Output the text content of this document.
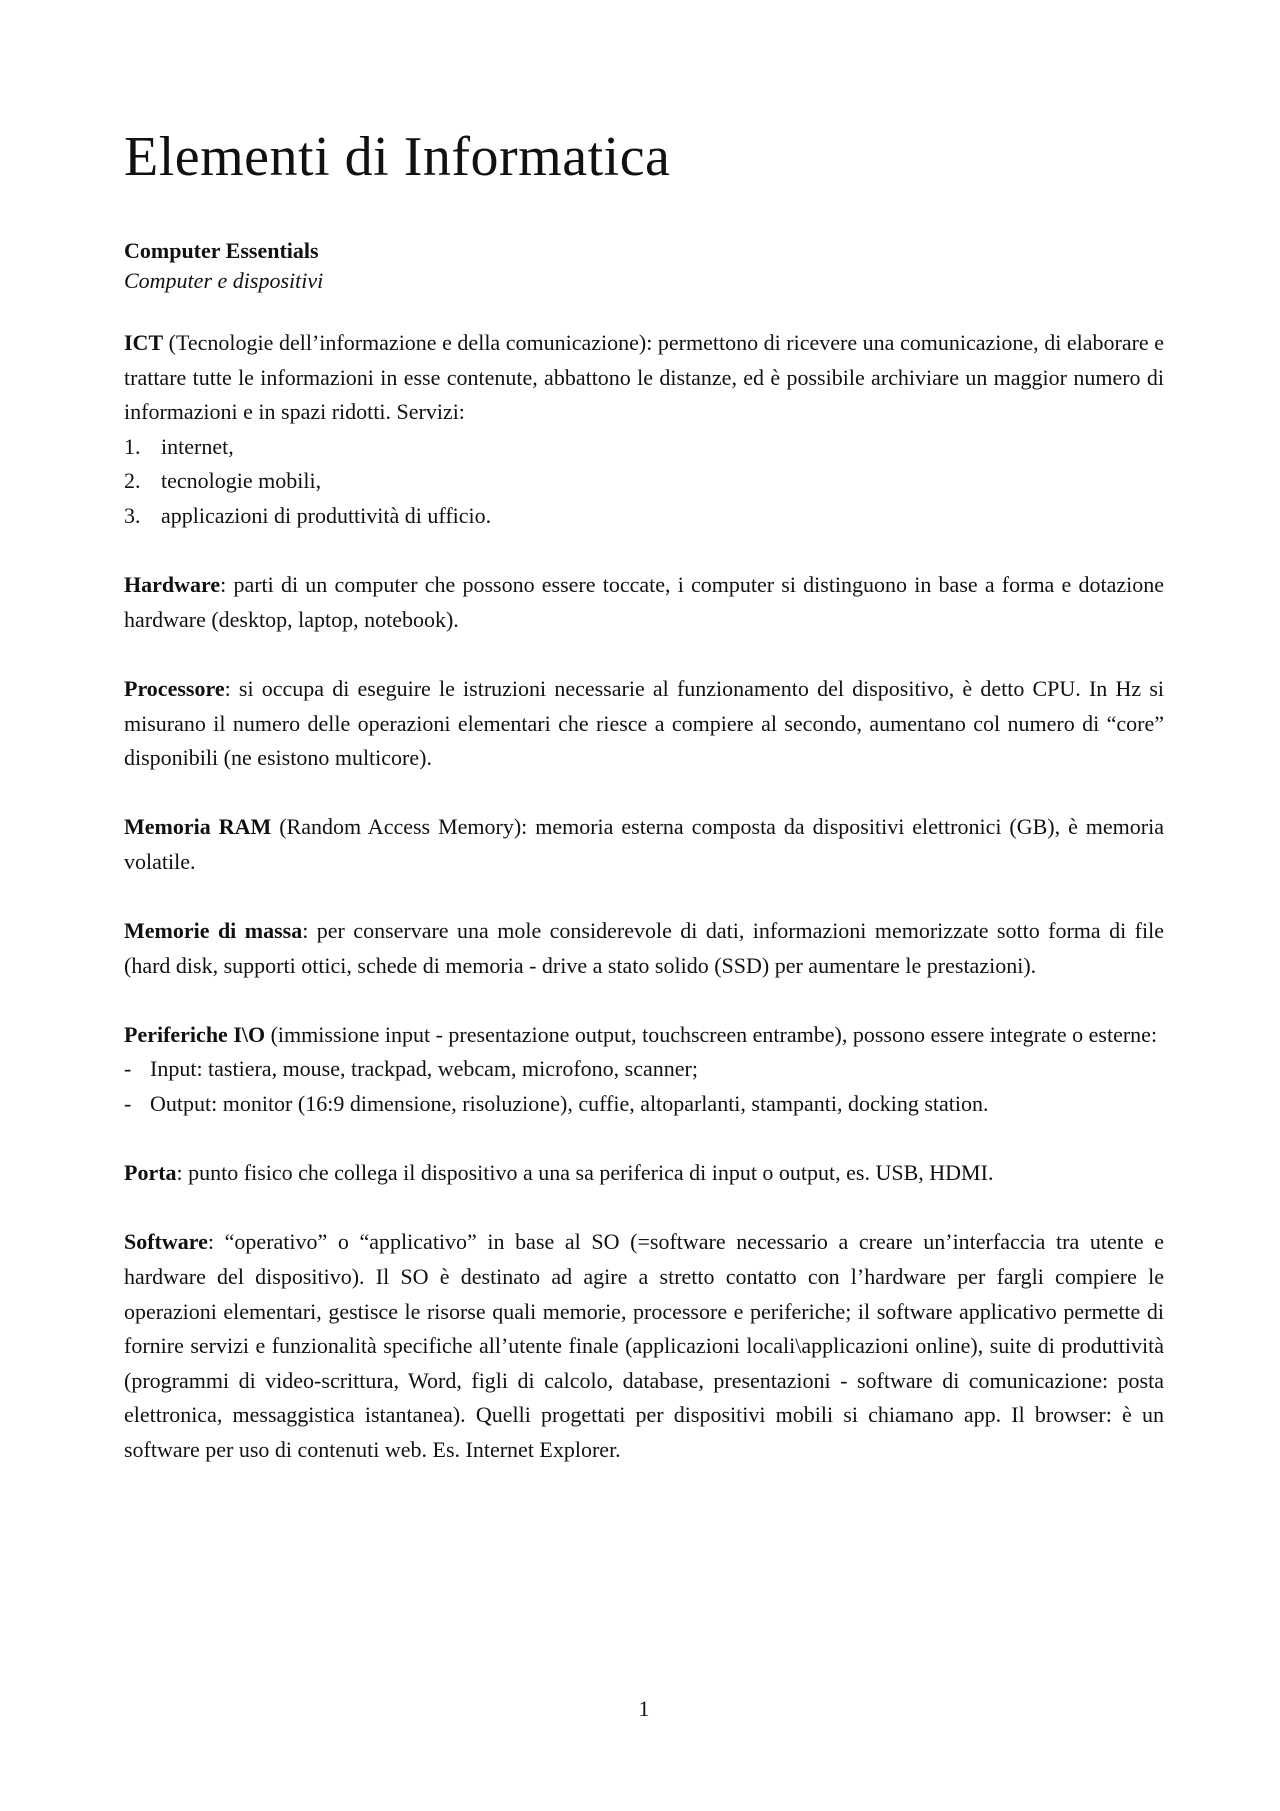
Elementi di Informatica
Computer Essentials
Computer e dispositivi

ICT (Tecnologie dell’informazione e della comunicazione): permettono di ricevere una comunicazione, di elaborare e trattare tutte le informazioni in esse contenute, abbattono le distanze, ed è possibile archiviare un maggior numero di informazioni e in spazi ridotti. Servizi:

1. internet,
2. tecnologie mobili,
3. applicazioni di produttività di ufficio.

Hardware: parti di un computer che possono essere toccate, i computer si distinguono in base a forma e dotazione hardware (desktop, laptop, notebook).

Processore: si occupa di eseguire le istruzioni necessarie al funzionamento del dispositivo, è detto CPU. In Hz si misurano il numero delle operazioni elementari che riesce a compiere al secondo, aumentano col numero di “core” disponibili (ne esistono multicore).

Memoria RAM (Random Access Memory): memoria esterna composta da dispositivi elettronici (GB), è memoria volatile.

Memorie di massa: per conservare una mole considerevole di dati, informazioni memorizzate sotto forma di file (hard disk, supporti ottici, schede di memoria - drive a stato solido (SSD) per aumentare le prestazioni).

Periferiche I\O (immissione input - presentazione output, touchscreen entrambe), possono essere integrate o esterne:

- Input: tastiera, mouse, trackpad, webcam, microfono, scanner;
- Output: monitor (16:9 dimensione, risoluzione), cuffie, altoparlanti, stampanti, docking station.

Porta: punto fisico che collega il dispositivo a una sa periferica di input o output, es. USB, HDMI.

Software: “operativo” o “applicativo” in base al SO (=software necessario a creare un’interfaccia tra utente e hardware del dispositivo). Il SO è destinato ad agire a stretto contatto con l’hardware per fargli compiere le operazioni elementari, gestisce le risorse quali memorie, processore e periferiche; il software applicativo permette di fornire servizi e funzionalità specifiche all’utente finale (applicazioni locali\applicazioni online), suite di produttività (programmi di video-scrittura, Word, figli di calcolo, database, presentazioni - software di comunicazione: posta elettronica, messaggistica istantanea). Quelli progettati per dispositivi mobili si chiamano app. Il browser: è un software per uso di contenuti web. Es. Internet Explorer.

1
